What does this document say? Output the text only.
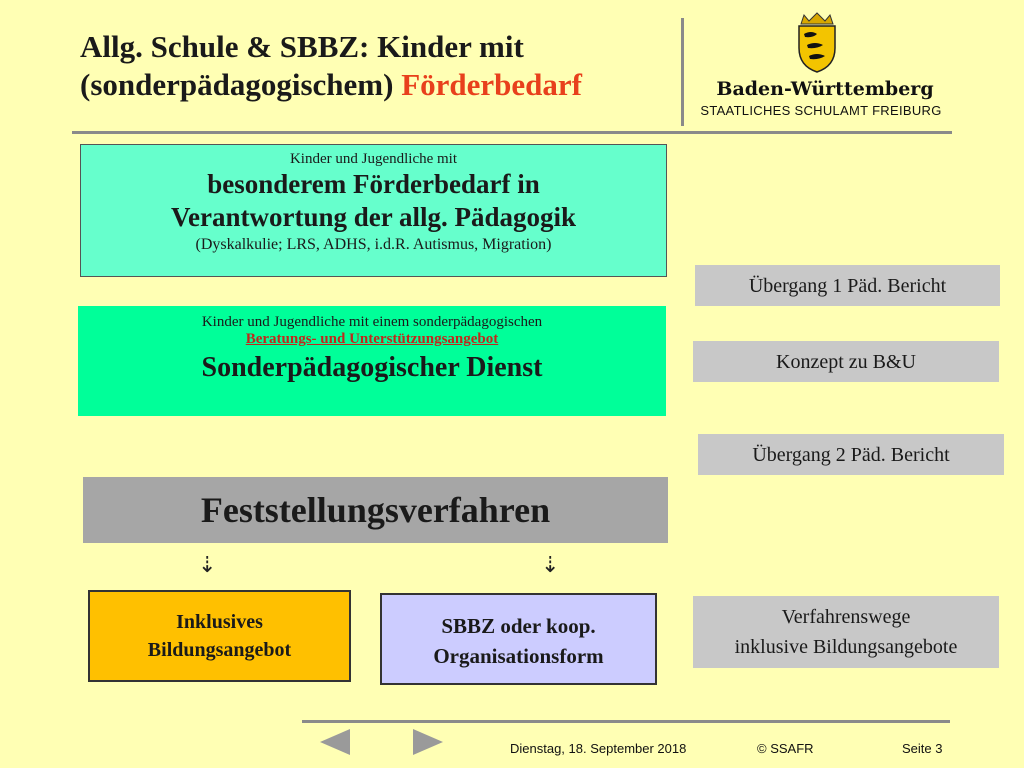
Allg. Schule & SBBZ: Kinder mit
(sonderpädagogischem) Förderbedarf	Baden-Württemberg
STAATLICHES SCHULAMT FREIBURG
Kinder und Jugendliche mit
besonderem Förderbedarf in
Verantwortung der allg. Pädagogik
(Dyskalkulie; LRS, ADHS, i.d.R. Autismus, Migration)
Kinder und Jugendliche mit einem sonderpädagogischen
Beratungs- und Unterstützungsangebot
Sonderpädagogischer Dienst
Feststellungsverfahren
⇣	⇣
Inklusives
Bildungsangebot
SBBZ oder koop.
Organisationsform
Übergang 1 Päd. Bericht
Konzept zu B&U
Übergang 2 Päd. Bericht
Verfahrenswege
inklusive Bildungsangebote
Dienstag, 18. September 2018	© SSAFR	Seite 3
